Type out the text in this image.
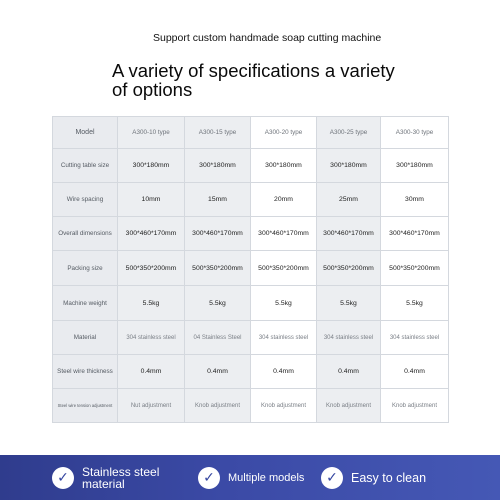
Support custom handmade soap cutting machine
A variety of specifications a variety of options
Model	A300-10 type	A300-15 type	A300-20 type	A300-25 type	A300-30 type
Cutting table size	300*180mm	300*180mm	300*180mm	300*180mm	300*180mm
Wire spacing	10mm	15mm	20mm	25mm	30mm
Overall dimensions	300*460*170mm	300*460*170mm	300*460*170mm	300*460*170mm	300*460*170mm
Packing size	500*350*200mm	500*350*200mm	500*350*200mm	500*350*200mm	500*350*200mm
Machine weight	5.5kg	5.5kg	5.5kg	5.5kg	5.5kg
Material	304 stainless steel	04 Stainless Steel	304 stainless steel	304 stainless steel	304 stainless steel
Steel wire thickness	0.4mm	0.4mm	0.4mm	0.4mm	0.4mm
Steel wire tension adjustment	Nut adjustment	Knob adjustment	Knob adjustment	Knob adjustment	Knob adjustment
✓	Stainless steel material	✓	Multiple models	✓	Easy to clean
